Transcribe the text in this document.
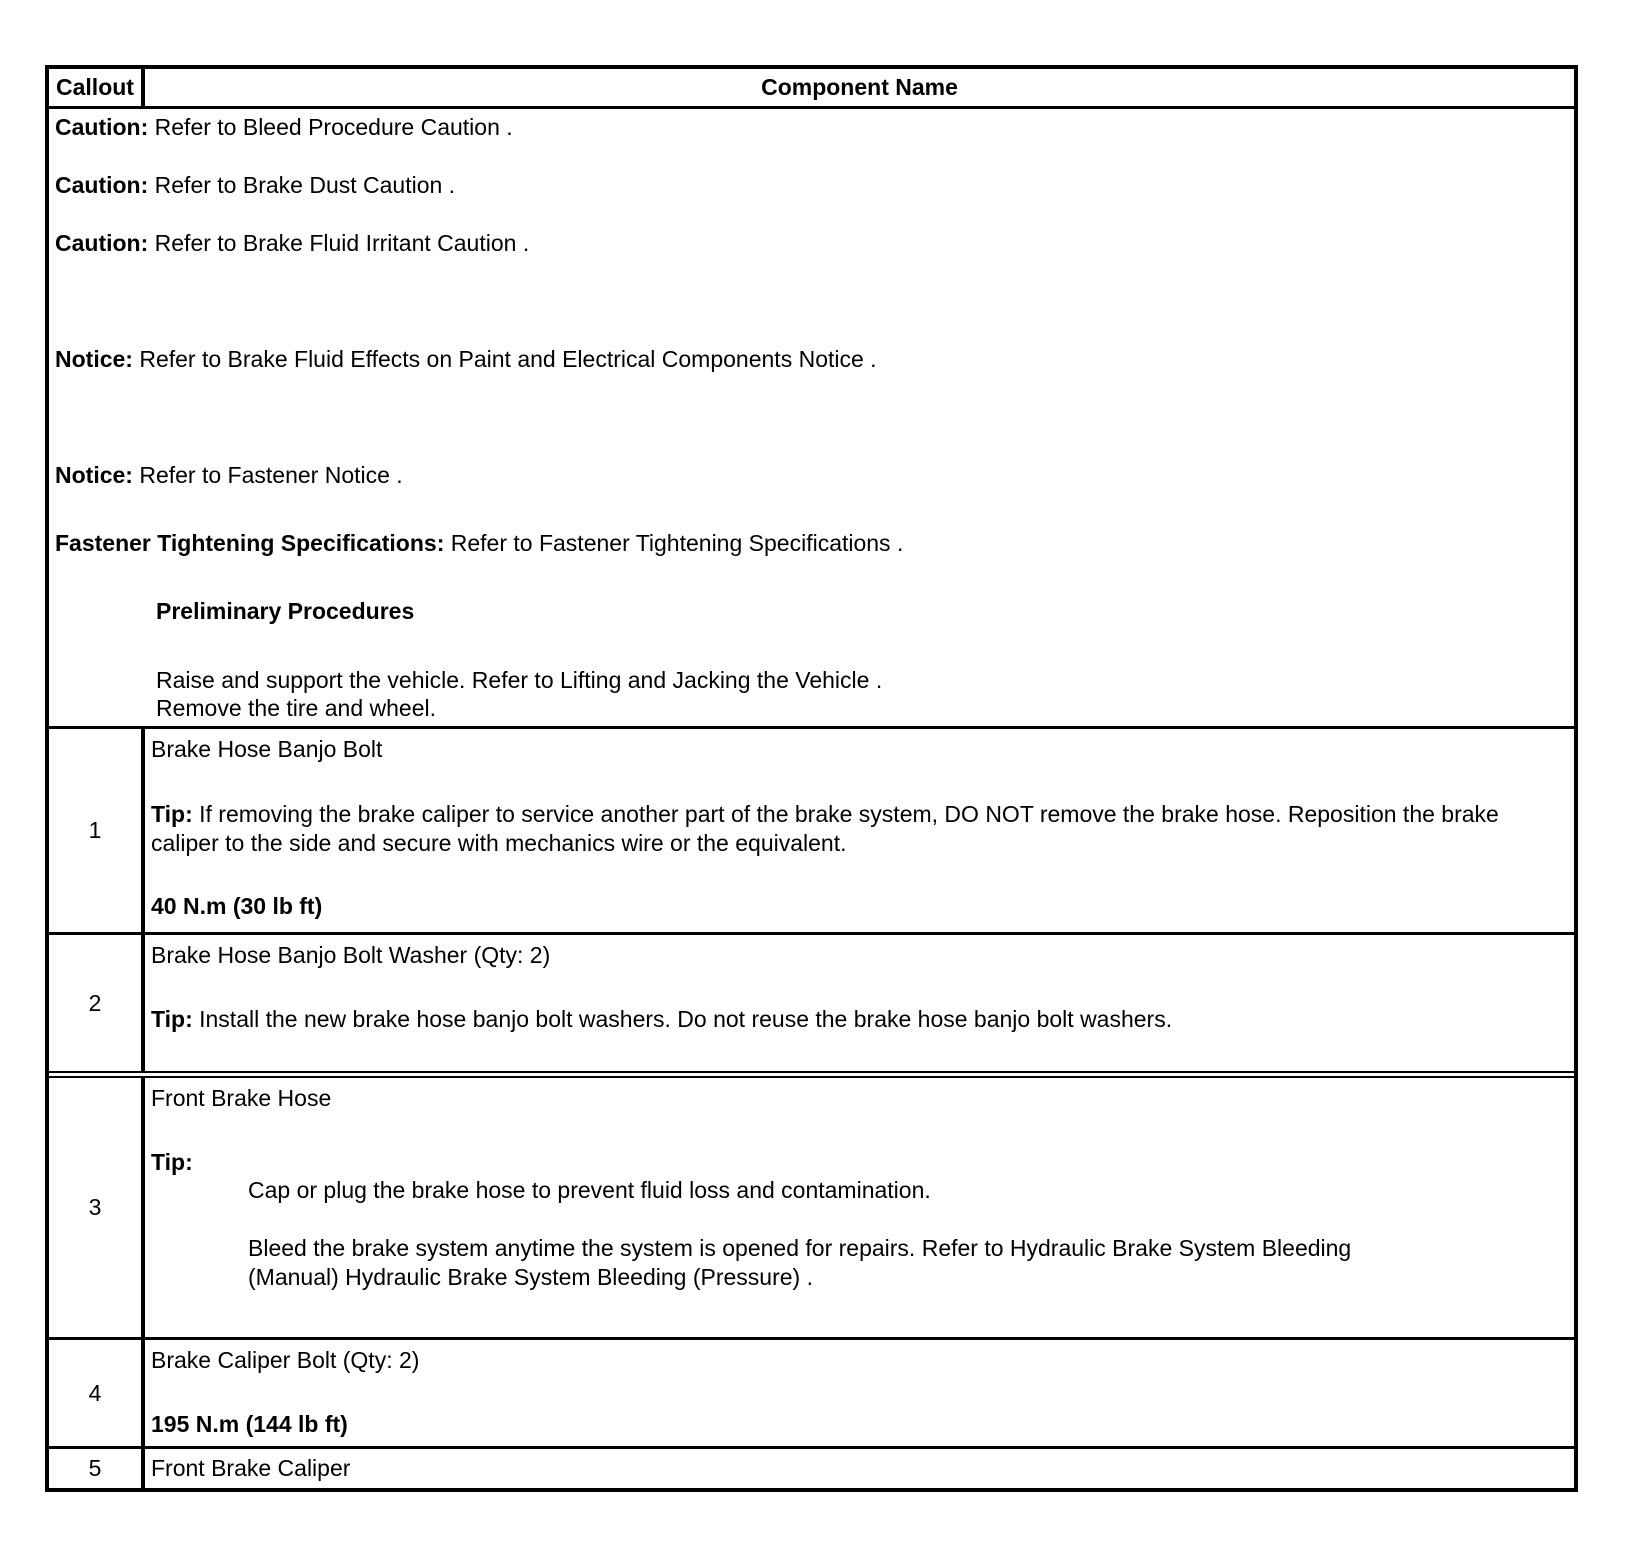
Callout	Component Name
Caution: Refer to Bleed Procedure Caution .
Caution: Refer to Brake Dust Caution .
Caution: Refer to Brake Fluid Irritant Caution .
Notice: Refer to Brake Fluid Effects on Paint and Electrical Components Notice .
Notice: Refer to Fastener Notice .
Fastener Tightening Specifications: Refer to Fastener Tightening Specifications .
Preliminary Procedures
Raise and support the vehicle. Refer to Lifting and Jacking the Vehicle .
Remove the tire and wheel.
1
Brake Hose Banjo Bolt
Tip: If removing the brake caliper to service another part of the brake system, DO NOT remove the brake hose. Reposition the brake caliper to the side and secure with mechanics wire or the equivalent.
40 N.m (30 lb ft)
2
Brake Hose Banjo Bolt Washer (Qty: 2)
Tip: Install the new brake hose banjo bolt washers. Do not reuse the brake hose banjo bolt washers.
3
Front Brake Hose
Tip:
Cap or plug the brake hose to prevent fluid loss and contamination.
Bleed the brake system anytime the system is opened for repairs. Refer to Hydraulic Brake System Bleeding (Manual) Hydraulic Brake System Bleeding (Pressure) .
4
Brake Caliper Bolt (Qty: 2)
195 N.m (144 lb ft)
5	Front Brake Caliper
